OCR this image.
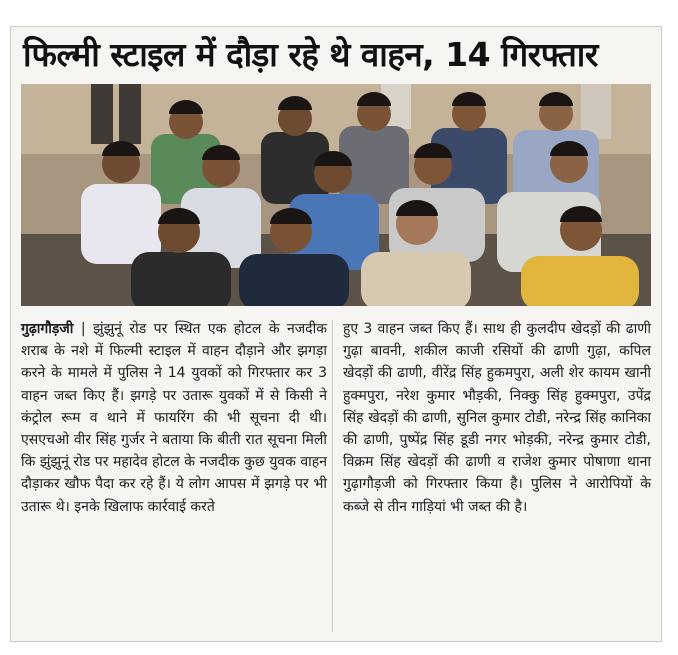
फिल्मी स्टाइल में दौड़ा रहे थे वाहन, 14 गिरफ्तार
गुढ़ागौड़जी | झुंझुनूं रोड पर स्थित एक होटल के नजदीक शराब के नशे में फिल्मी स्टाइल में वाहन दौड़ाने और झगड़ा करने के मामले में पुलिस ने 14 युवकों को गिरफ्तार कर 3 वाहन जब्त किए हैं। झगड़े पर उतारू युवकों में से किसी ने कंट्रोल रूम व थाने में फायरिंग की भी सूचना दी थी। एसएचओ वीर सिंह गुर्जर ने बताया कि बीती रात सूचना मिली कि झुंझुनूं रोड पर महादेव होटल के नजदीक कुछ युवक वाहन दौड़ाकर खौफ पैदा कर रहे हैं। ये लोग आपस में झगड़े पर भी उतारू थे। इनके खिलाफ कार्रवाई करते
हुए 3 वाहन जब्त किए हैं। साथ ही कुलदीप खेदड़ों की ढाणी गुढ़ा बावनी, शकील काजी रसियों की ढाणी गुढ़ा, कपिल खेदड़ों की ढाणी, वीरेंद्र सिंह हुकमपुरा, अली शेर कायम खानी हुक्मपुरा, नरेश कुमार भौड़की, निक्कु सिंह हुक्मपुरा, उपेंद्र सिंह खेदड़ों की ढाणी, सुनिल कुमार टोडी, नरेन्द्र सिंह कानिका की ढाणी, पुष्पेंद्र सिंह डूडी नगर भोड़की, नरेन्द्र कुमार टोडी, विक्रम सिंह खेदड़ों की ढाणी व राजेश कुमार पोषाणा थाना गुढ़ागौड़जी को गिरफ्तार किया है। पुलिस ने आरोपियों के कब्जे से तीन गाड़ियां भी जब्त की है।
